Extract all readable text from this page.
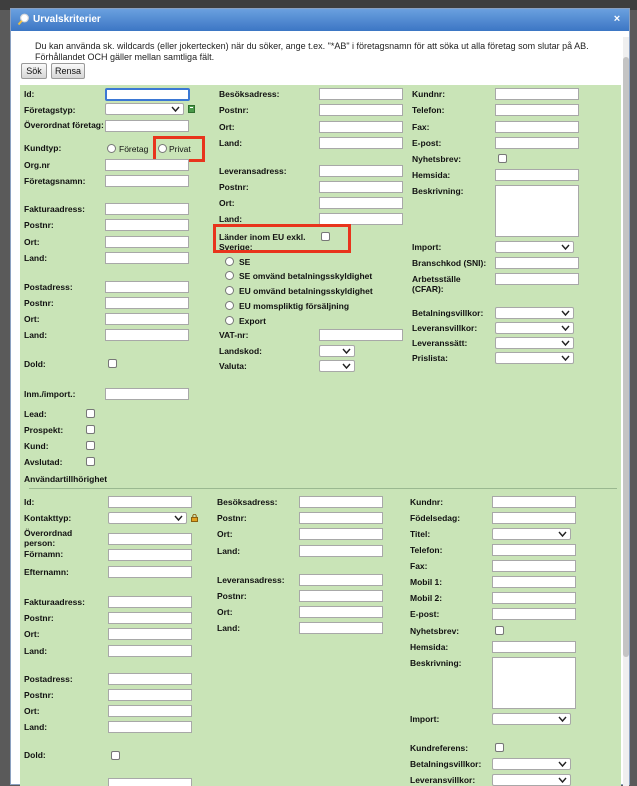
Urvalskriterier	×
Du kan använda sk. wildcards (eller jokertecken) när du söker, ange t.ex. "*AB" i företagsnamn för att söka ut alla företag som slutar på AB.
Förhållandet OCH gäller mellan samtliga fält.
Sök	Rensa
Id:
Företagstyp:
Överordnat företag:
Kundtyp:	Företag Privat
Org.nr
Företagsnamn:
Fakturaadress:
Postnr:
Ort:
Land:
Postadress:
Postnr:
Ort:
Land:
Dold:
Inm./import.:
Lead:
Prospekt:
Kund:
Avslutad:
Användartillhörighet
Besöksadress:
Postnr:
Ort:
Land:
Leveransadress:
Postnr:
Ort:
Land:
Länder inom EU exkl. Sverige:
SE
SE omvänd betalningsskyldighet
EU omvänd betalningsskyldighet
EU momspliktig försäljning
Export
VAT-nr:
Landskod:
Valuta:
Kundnr:
Telefon:
Fax:
E-post:
Nyhetsbrev:
Hemsida:
Beskrivning:
Import:
Branschkod (SNI):
Arbetsställe (CFAR):
Betalningsvillkor:
Leveransvillkor:
Leveranssätt:
Prislista:
Id:
Kontakttyp:
Överordnad person:
Förnamn:
Efternamn:
Fakturaadress:
Postnr:
Ort:
Land:
Postadress:
Postnr:
Ort:
Land:
Dold:
Besöksadress:
Postnr:
Ort:
Land:
Leveransadress:
Postnr:
Ort:
Land:
Kundnr:
Födelsedag:
Titel:
Telefon:
Fax:
Mobil 1:
Mobil 2:
E-post:
Nyhetsbrev:
Hemsida:
Beskrivning:
Import:
Kundreferens:
Betalningsvillkor:
Leveransvillkor:
